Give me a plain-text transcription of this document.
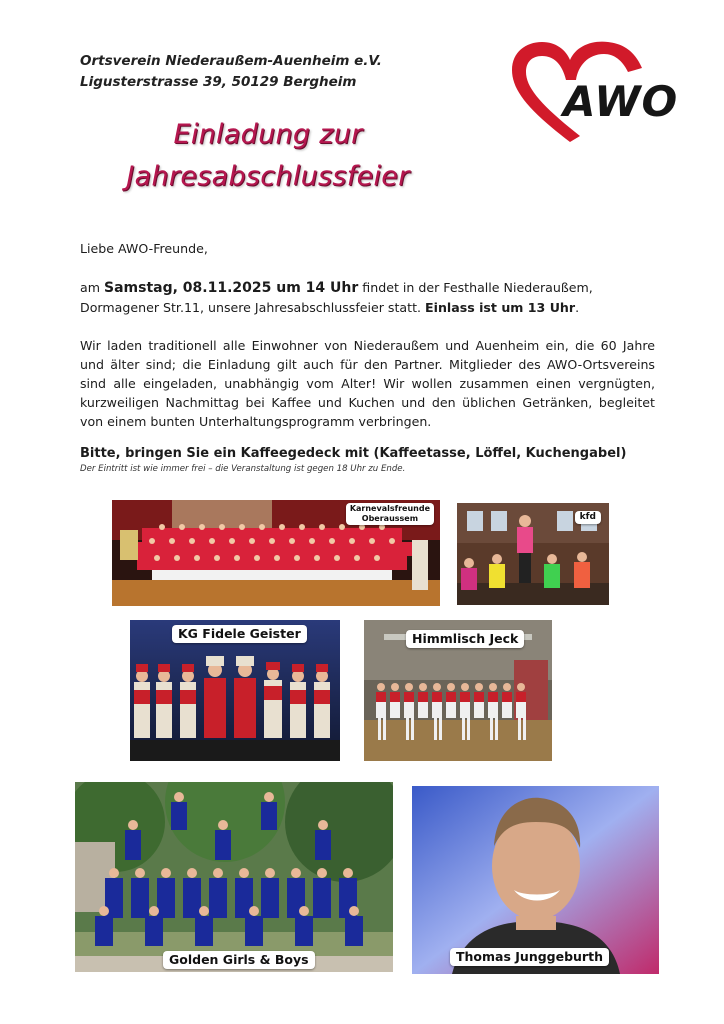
Ortsverein Niederaußem-Auenheim e.V.
Ligusterstrasse 39, 50129 Bergheim	AWO
Einladung zur
Jahresabschlussfeier
Liebe AWO-Freunde,
am Samstag, 08.11.2025 um 14 Uhr findet in der Festhalle Niederaußem, Dormagener Str.11, unsere Jahresabschlussfeier statt. Einlass ist um 13 Uhr.
Wir laden traditionell alle Einwohner von Niederaußem und Auenheim ein, die 60 Jahre und älter sind; die Einladung gilt auch für den Partner. Mitglieder des AWO-Ortsvereins sind alle eingeladen, unabhängig vom Alter! Wir wollen zusammen einen vergnügten, kurzweiligen Nachmittag bei Kaffee und Kuchen und den üblichen Getränken, begleitet von einem bunten Unterhaltungsprogramm verbringen.
Bitte, bringen Sie ein Kaffeegedeck mit (Kaffeetasse, Löffel, Kuchengabel)
Der Eintritt ist wie immer frei – die Veranstaltung ist gegen 18 Uhr zu Ende.
Karnevalsfreunde
Oberaussem	kfd
KG Fidele Geister	Himmlisch Jeck
Golden Girls & Boys	Thomas Junggeburth
